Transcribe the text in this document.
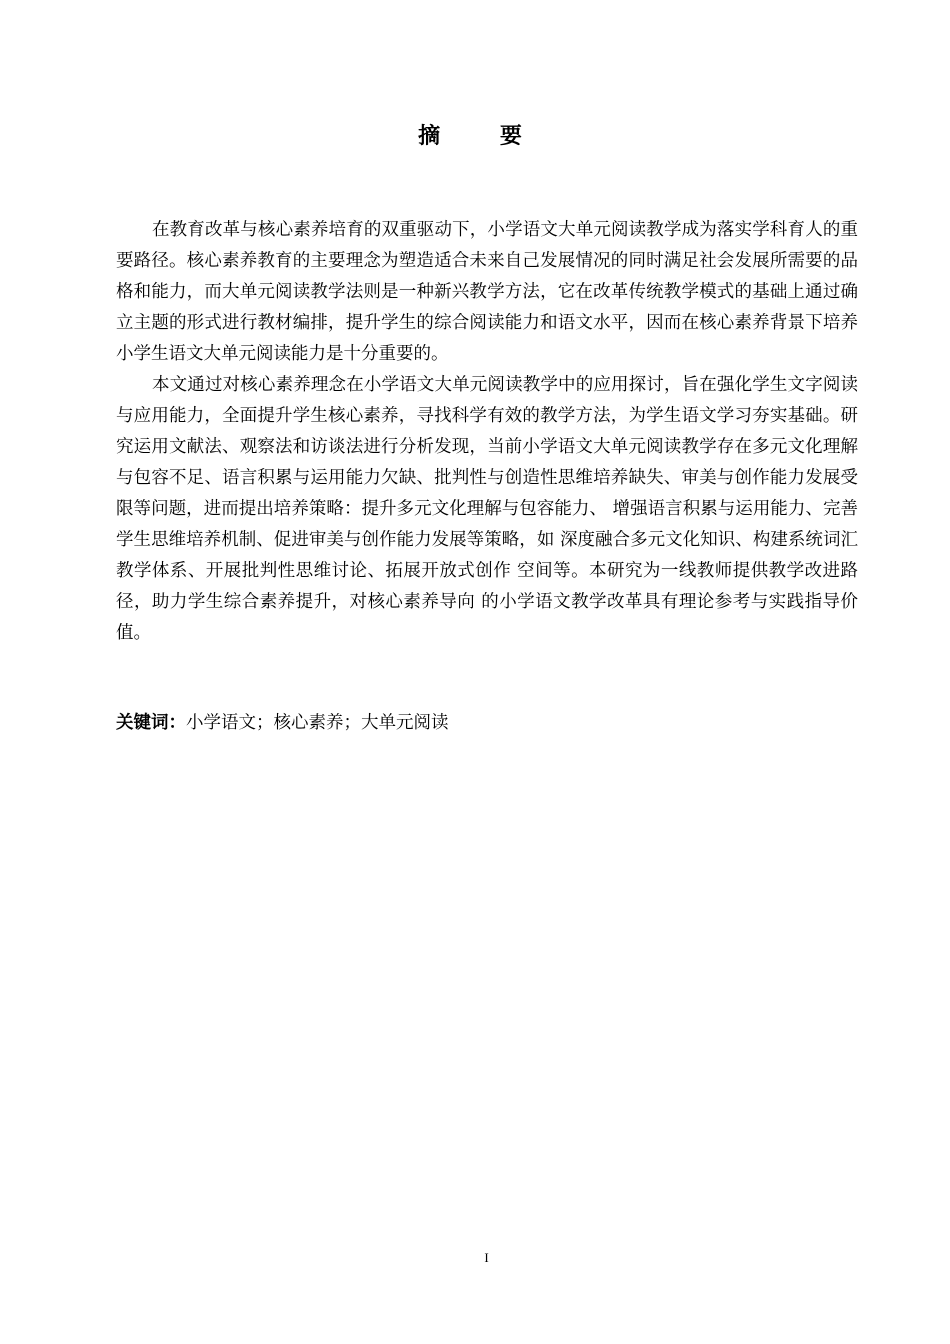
摘 要

在教育改革与核心素养培育的双重驱动下，小学语文大单元阅读教学成为落实学科育人的重要路径。核心素养教育的主要理念为塑造适合未来自己发展情况的同时满足社会发展所需要的品格和能力，而大单元阅读教学法则是一种新兴教学方法，它在改革传统教学模式的基础上通过确立主题的形式进行教材编排，提升学生的综合阅读能力和语文水平，因而在核心素养背景下培养小学生语文大单元阅读能力是十分重要的。

本文通过对核心素养理念在小学语文大单元阅读教学中的应用探讨，旨在强化学生文字阅读与应用能力，全面提升学生核心素养，寻找科学有效的教学方法，为学生语文学习夯实基础。研究运用文献法、观察法和访谈法进行分析发现，当前小学语文大单元阅读教学存在多元文化理解与包容不足、语言积累与运用能力欠缺、批判性与创造性思维培养缺失、审美与创作能力发展受限等问题，进而提出培养策略：提升多元文化理解与包容能力、 增强语言积累与运用能力、完善学生思维培养机制、促进审美与创作能力发展等策略，如 深度融合多元文化知识、构建系统词汇教学体系、开展批判性思维讨论、拓展开放式创作 空间等。本研究为一线教师提供教学改进路径，助力学生综合素养提升，对核心素养导向 的小学语文教学改革具有理论参考与实践指导价值。

关键词：小学语文；核心素养；大单元阅读
I
